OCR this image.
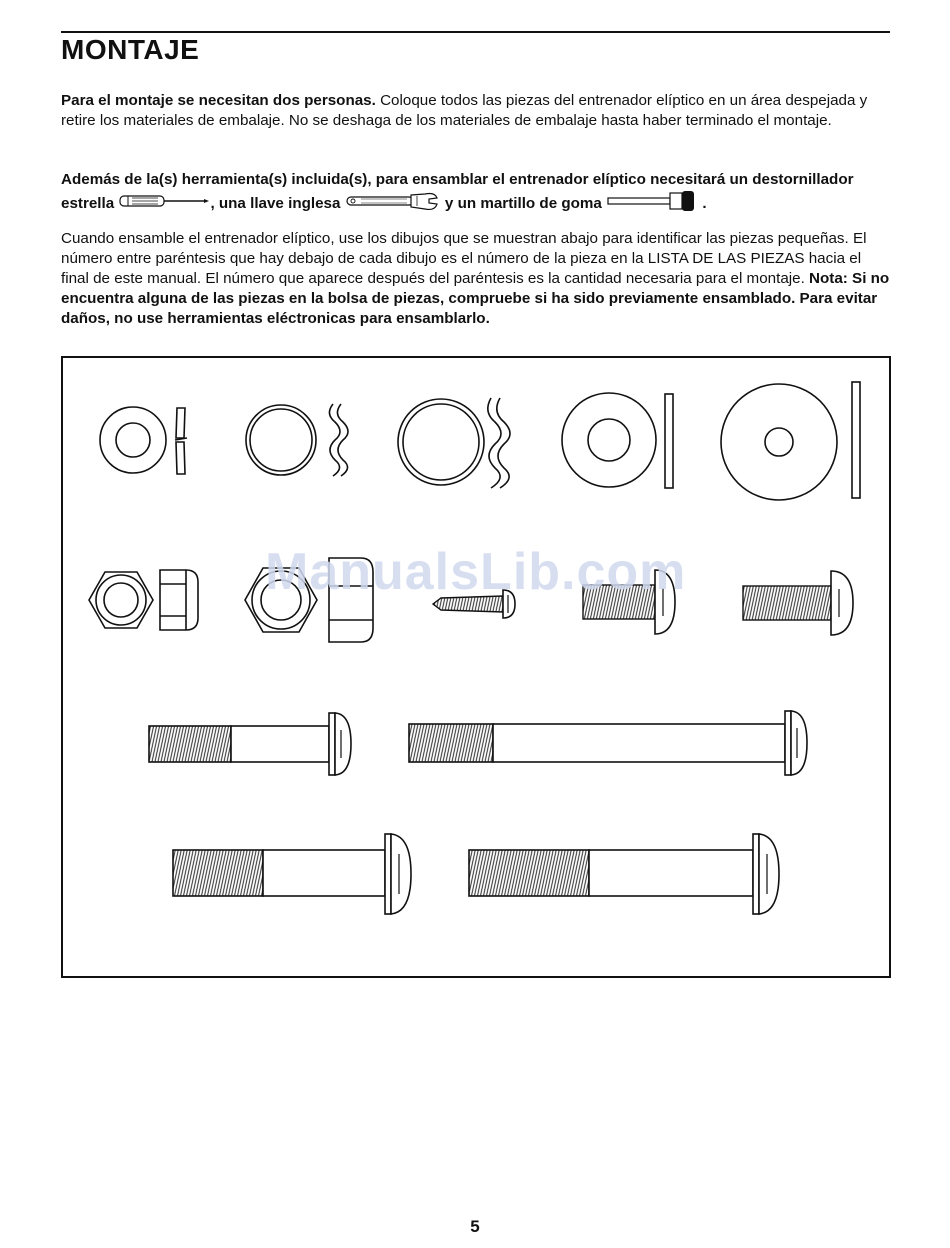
MONTAJE

Para el montaje se necesitan dos personas. Coloque todos las piezas del entrenador elíptico en un área despejada y retire los materiales de embalaje. No se deshaga de los materiales de embalaje hasta haber terminado el montaje.

Además de la(s) herramienta(s) incluida(s), para ensamblar el entrenador elíptico necesitará un destornillador estrella	, una llave inglesa	y un martillo de goma	.

Cuando ensamble el entrenador elíptico, use los dibujos que se muestran abajo para identificar las piezas pequeñas. El número entre paréntesis que hay debajo de cada dibujo es el número de la pieza en la LISTA DE LAS PIEZAS hacia el final de este manual. El número que aparece después del paréntesis es la cantidad necesaria para el montaje. Nota: Si no encuentra alguna de las piezas en la bolsa de piezas, compruebe si ha sido previamente ensamblado. Para evitar daños, no use herramientas eléctronicas para ensamblarlo.

ManualsLib.com

5
